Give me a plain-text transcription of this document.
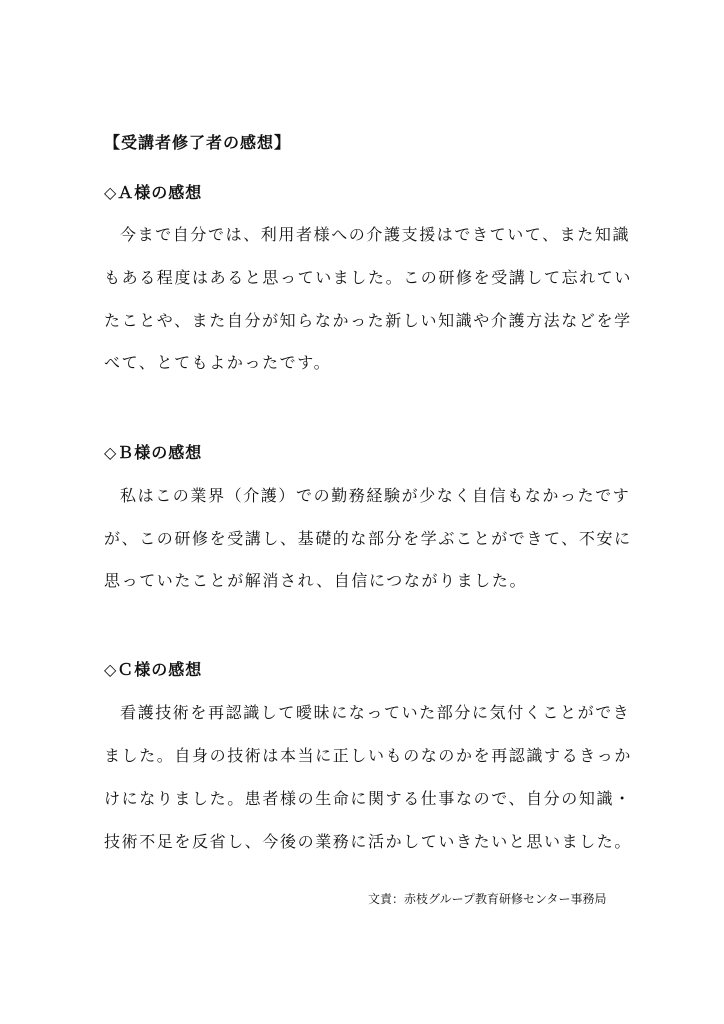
【受講者修了者の感想】
◇Ａ様の感想
今まで自分では、利用者様への介護支援はできていて、また知識
もある程度はあると思っていました。この研修を受講して忘れてい
たことや、また自分が知らなかった新しい知識や介護方法などを学
べて、とてもよかったです。
◇Ｂ様の感想
私はこの業界（介護）での勤務経験が少なく自信もなかったです
が、この研修を受講し、基礎的な部分を学ぶことができて、不安に
思っていたことが解消され、自信につながりました。
◇Ｃ様の感想
看護技術を再認識して曖昧になっていた部分に気付くことができ
ました。自身の技術は本当に正しいものなのかを再認識するきっか
けになりました。患者様の生命に関する仕事なので、自分の知識・
技術不足を反省し、今後の業務に活かしていきたいと思いました。
文責：赤枝グループ教育研修センター事務局
